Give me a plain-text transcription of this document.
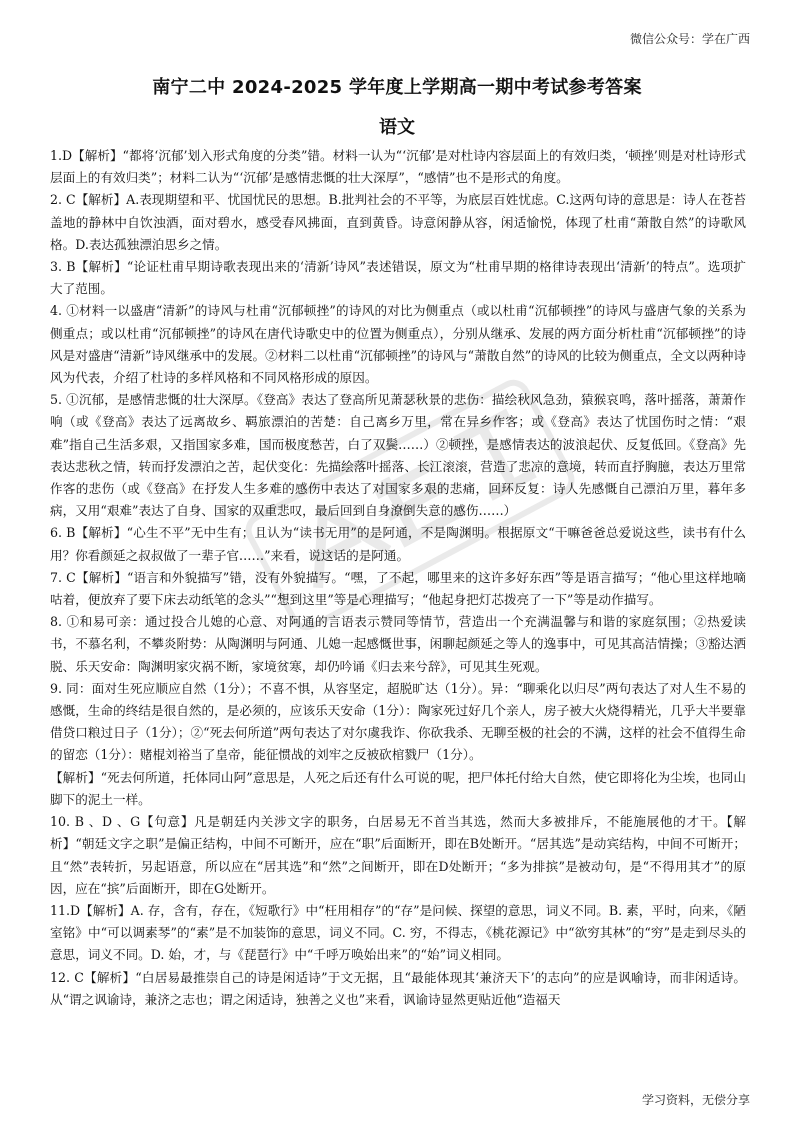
微信公众号：学在广西
南宁二中 2024-2025 学年度上学期高一期中考试参考答案
语文

1.D【解析】“都将‘沉郁’划入形式角度的分类”错。材料一认为“‘沉郁’是对杜诗内容层面上的有效归类，‘顿挫’则是对杜诗形式层面上的有效归类”；材料二认为“‘沉郁’是感情悲慨的壮大深厚”，“感情”也不是形式的角度。

2. C【解析】A.表现期望和平、忧国忧民的思想。B.批判社会的不平等，为底层百姓忧虑。C.这两句诗的意思是：诗人在苍苔盖地的静林中自饮浊酒，面对碧水，感受春风拂面，直到黄昏。诗意闲静从容，闲适愉悦，体现了杜甫“萧散自然”的诗歌风格。D.表达孤独漂泊思乡之情。

3. B【解析】“论证杜甫早期诗歌表现出来的‘清新’诗风”表述错误，原文为“杜甫早期的格律诗表现出‘清新’的特点”。选项扩大了范围。

4. ①材料一以盛唐“清新”的诗风与杜甫“沉郁顿挫”的诗风的对比为侧重点（或以杜甫“沉郁顿挫”的诗风与盛唐气象的关系为侧重点；或以杜甫“沉郁顿挫”的诗风在唐代诗歌史中的位置为侧重点），分别从继承、发展的两方面分析杜甫“沉郁顿挫”的诗风是对盛唐“清新”诗风继承中的发展。②材料二以杜甫“沉郁顿挫”的诗风与“萧散自然”的诗风的比较为侧重点，全文以两种诗风为代表，介绍了杜诗的多样风格和不同风格形成的原因。

5. ①沉郁，是感情悲慨的壮大深厚。《登高》表达了登高所见萧瑟秋景的悲伤：描绘秋风急劲，猿猴哀鸣，落叶摇落，萧萧作响（或《登高》表达了远离故乡、羁旅漂泊的苦楚：自己离乡万里，常在异乡作客；或《登高》表达了忧国伤时之情：“艰难”指自己生活多艰，又指国家多难，国而极度愁苦，白了双鬓……）②顿挫，是感情表达的波浪起伏、反复低回。《登高》先表达悲秋之情，转而抒发漂泊之苦，起伏变化：先描绘落叶摇落、长江滚滚，营造了悲凉的意境，转而直抒胸臆，表达万里常作客的悲伤（或《登高》在抒发人生多难的感伤中表达了对国家多艰的悲痛，回环反复：诗人先感慨自己漂泊万里，暮年多病，又用“艰难”表达了自身、国家的双重悲叹，最后回到自身潦倒失意的感伤……）

6. B【解析】“心生不平”无中生有；且认为“读书无用”的是阿通，不是陶渊明。根据原文“干嘛爸爸总爱说这些，读书有什么用？你看颜延之叔叔做了一辈子官……”来看，说这话的是阿通。

7. C【解析】“语言和外貌描写”错，没有外貌描写。“嘿，了不起，哪里来的这许多好东西”等是语言描写；“他心里这样地嘀咕着，便放弃了要下床去动纸笔的念头”“想到这里”等是心理描写；“他起身把灯芯拨亮了一下”等是动作描写。

8. ①和易可亲：通过投合儿媳的心意、对阿通的言语表示赞同等情节，营造出一个充满温馨与和谐的家庭氛围；②热爱读书，不慕名利，不攀炎附势：从陶渊明与阿通、儿媳一起感慨世事，闲聊起颜延之等人的逸事中，可见其高洁情操；③豁达洒脱、乐天安命：陶渊明家灾祸不断，家境贫寒，却仍吟诵《归去来兮辞》，可见其生死观。

9. 同：面对生死应顺应自然（1分）；不喜不惧，从容坚定，超脱旷达（1分）。异：“聊乘化以归尽”两句表达了对人生不易的感慨，生命的终结是很自然的，是必须的，应该乐天安命（1分）：陶家死过好几个亲人，房子被大火烧得精光，几乎大半要靠借贷口粮过日子（1分）；②“死去何所道”两句表达了对尔虞我诈、你砍我杀、无聊至极的社会的不满，这样的社会不值得生命的留恋（1分）：赌棍刘裕当了皇帝，能征惯战的刘牢之反被砍棺戮尸（1分）。

【解析】“死去何所道，托体同山阿”意思是，人死之后还有什么可说的呢，把尸体托付给大自然，使它即将化为尘埃，也同山脚下的泥土一样。

10. B 、D 、G【句意】凡是朝廷内关涉文字的职务，白居易无不首当其选，然而大多被排斥，不能施展他的才干。【解析】“朝廷文字之职”是偏正结构，中间不可断开，应在“职”后面断开，即在B处断开。“居其选”是动宾结构，中间不可断开；且“然”表转折，另起语意，所以应在“居其选”和“然”之间断开，即在D处断开；“多为排摈”是被动句，是“不得用其才”的原因，应在“摈”后面断开，即在G处断开。

11.D【解析】A. 存，含有，存在，《短歌行》中“枉用相存”的“存”是问候、探望的意思，词义不同。B. 素，平时，向来，《陋室铭》中“可以调素琴”的“素”是不加装饰的意思，词义不同。C. 穷，不得志，《桃花源记》中“欲穷其林”的“穷”是走到尽头的意思，词义不同。D. 始，才，与《琵琶行》中“千呼万唤始出来”的“始”词义相同。

12. C【解析】“白居易最推崇自己的诗是闲适诗”于文无据，且“最能体现其‘兼济天下’的志向”的应是讽喻诗，而非闲适诗。从“谓之讽谕诗，兼济之志也；谓之闲适诗，独善之义也”来看，讽谕诗显然更贴近他“造福天

学习资料，无偿分享
